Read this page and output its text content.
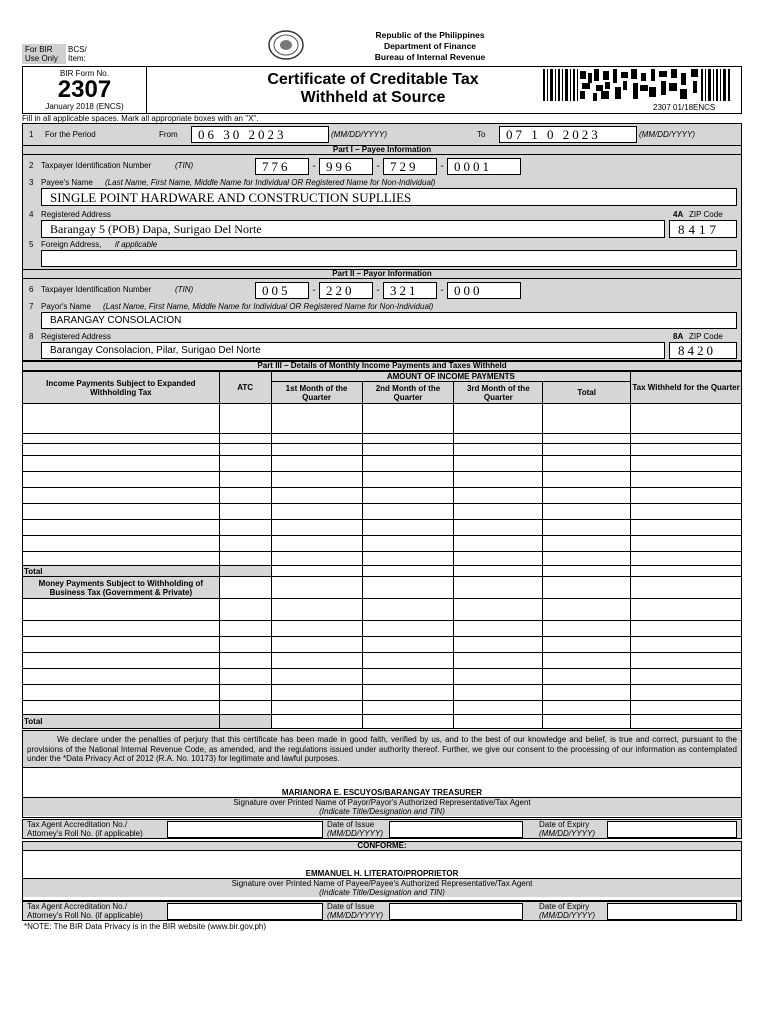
Republic of the Philippines
Department of Finance
Bureau of Internal Revenue
For BIR
Use Only
BCS/
Item:
BIR Form No.
2307
January 2018 (ENCS)
Certificate of Creditable Tax
Withheld at Source
2307 01/18ENCS
Fill in all applicable spaces. Mark all appropriate boxes with an "X".
1 For the Period	From	06 30 2023	(MM/DD/YYYY)	To	07 1 0 2023	(MM/DD/YYYY)
Part I – Payee Information
2 Taxpayer Identification Number	(TIN)	776	- 996	- 729	- 0001
3 Payee's Name (Last Name, First Name, Middle Name for Individual OR Registered Name for Non-Individual)
SINGLE POINT HARDWARE AND CONSTRUCTION SUPLLIES
4 Registered Address	4A ZIP Code
Barangay 5 (POB) Dapa, Surigao Del Norte	8417
5 Foreign Address, if applicable
Part II – Payor Information
6 Taxpayer Identification Number	(TIN)	005	- 220	- 321	- 000
7 Payor's Name (Last Name, First Name, Middle Name for Individual OR Registered Name for Non-Individual)
BARANGAY CONSOLACION
8 Registered Address	8A ZIP Code
Barangay Consolacion, Pilar, Surigao Del Norte	8420
Part III – Details of Monthly Income Payments and Taxes Withheld
Income Payments Subject to Expanded Withholding Tax	ATC	AMOUNT OF INCOME PAYMENTS				Tax Withheld for the Quarter
		1st Month of the Quarter	2nd Month of the Quarter	3rd Month of the Quarter	Total	

Total						
Money Payments Subject to Withholding of Business Tax (Government & Private)						

Total						
We declare under the penalties of perjury that this certificate has been made in good faith, verified by us, and to the best of our knowledge and belief, is true and correct, pursuant to the provisions of the National Internal Revenue Code, as amended, and the regulations issued under authority thereof. Further, we give our consent to the processing of our information as contemplated under the *Data Privacy Act of 2012 (R.A. No. 10173) for legitimate and lawful purposes.
MARIANORA E. ESCUYOS/BARANGAY TREASURER
Signature over Printed Name of Payor/Payor's Authorized Representative/Tax Agent
(Indicate Title/Designation and TIN)
Tax Agent Accreditation No./
Attorney's Roll No. (if applicable)
Date of Issue
(MM/DD/YYYY)
Date of Expiry
(MM/DD/YYYY)
CONFORME:
EMMANUEL H. LITERATO/PROPRIETOR
Signature over Printed Name of Payee/Payee's Authorized Representative/Tax Agent
(Indicate Title/Designation and TIN)
Tax Agent Accreditation No./
Attorney's Roll No. (if applicable)
Date of Issue
(MM/DD/YYYY)
Date of Expiry
(MM/DD/YYYY)
*NOTE: The BIR Data Privacy is in the BIR website (www.bir.gov.ph)
